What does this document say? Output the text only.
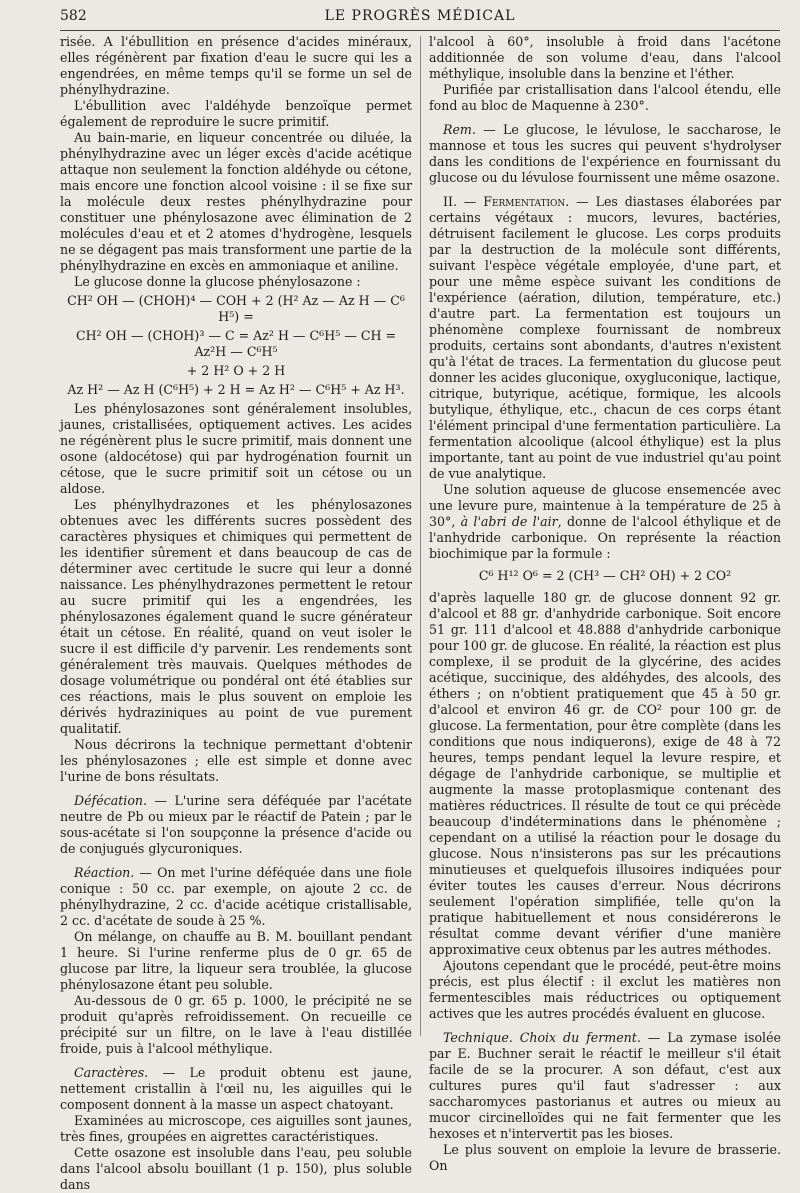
582	LE PROGRÈS MÉDICAL

risée. A l'ébullition en présence d'acides minéraux, elles régénèrent par fixation d'eau le sucre qui les a engendrées, en même temps qu'il se forme un sel de phénylhydrazine.

L'ébullition avec l'aldéhyde benzoïque permet également de reproduire le sucre primitif.

Au bain-marie, en liqueur concentrée ou diluée, la phénylhydrazine avec un léger excès d'acide acétique attaque non seulement la fonction aldéhyde ou cétone, mais encore une fonction alcool voisine : il se fixe sur la molécule deux restes phénylhydrazine pour constituer une phénylosazone avec élimination de 2 molécules d'eau et et 2 atomes d'hydrogène, lesquels ne se dégagent pas mais transforment une partie de la phénylhydrazine en excès en ammoniaque et aniline.

Le glucose donne la glucose phénylosazone :

CH² OH — (CHOH)⁴ — COH + 2 (H² Az — Az H — C⁶ H⁵) =
CH² OH — (CHOH)³ — C = Az² H — C⁶H⁵ — CH = Az²H — C⁶H⁵
+ 2 H² O + 2 H
Az H² — Az H (C⁶H⁵) + 2 H = Az H² — C⁶H⁵ + Az H³.

Les phénylosazones sont généralement insolubles, jaunes, cristallisées, optiquement actives. Les acides ne régénèrent plus le sucre primitif, mais donnent une osone (aldocétose) qui par hydrogénation fournit un cétose, que le sucre primitif soit un cétose ou un aldose.

Les phénylhydrazones et les phénylosazones obtenues avec les différents sucres possèdent des caractères physiques et chimiques qui permettent de les identifier sûrement et dans beaucoup de cas de déterminer avec certitude le sucre qui leur a donné naissance. Les phénylhydrazones permettent le retour au sucre primitif qui les a engendrées, les phénylosazones également quand le sucre générateur était un cétose. En réalité, quand on veut isoler le sucre il est difficile d'y parvenir. Les rendements sont généralement très mauvais. Quelques méthodes de dosage volumétrique ou pondéral ont été établies sur ces réactions, mais le plus souvent on emploie les dérivés hydraziniques au point de vue purement qualitatif.

Nous décrirons la technique permettant d'obtenir les phénylosazones ; elle est simple et donne avec l'urine de bons résultats.

Défécation. — L'urine sera déféquée par l'acétate neutre de Pb ou mieux par le réactif de Patein ; par le sous-acétate si l'on soupçonne la présence d'acide ou de conjugués glycuroniques.

Réaction. — On met l'urine déféquée dans une fiole conique : 50 cc. par exemple, on ajoute 2 cc. de phénylhydrazine, 2 cc. d'acide acétique cristallisable, 2 cc. d'acétate de soude à 25 %.

On mélange, on chauffe au B. M. bouillant pendant 1 heure. Si l'urine renferme plus de 0 gr. 65 de glucose par litre, la liqueur sera troublée, la glucose phénylosazone étant peu soluble.

Au-dessous de 0 gr. 65 p. 1000, le précipité ne se produit qu'après refroidissement. On recueille ce précipité sur un filtre, on le lave à l'eau distillée froide, puis à l'alcool méthylique.

Caractères. — Le produit obtenu est jaune, nettement cristallin à l'œil nu, les aiguilles qui le composent donnent à la masse un aspect chatoyant.

Examinées au microscope, ces aiguilles sont jaunes, très fines, groupées en aigrettes caractéristiques.

Cette osazone est insoluble dans l'eau, peu soluble dans l'alcool absolu bouillant (1 p. 150), plus soluble dans

l'alcool à 60°, insoluble à froid dans l'acétone additionnée de son volume d'eau, dans l'alcool méthylique, insoluble dans la benzine et l'éther.

Purifiée par cristallisation dans l'alcool étendu, elle fond au bloc de Maquenne à 230°.

Rem. — Le glucose, le lévulose, le saccharose, le mannose et tous les sucres qui peuvent s'hydrolyser dans les conditions de l'expérience en fournissant du glucose ou du lévulose fournissent une même osazone.

II. — Fermentation. — Les diastases élaborées par certains végétaux : mucors, levures, bactéries, détruisent facilement le glucose. Les corps produits par la destruction de la molécule sont différents, suivant l'espèce végétale employée, d'une part, et pour une même espèce suivant les conditions de l'expérience (aération, dilution, température, etc.) d'autre part. La fermentation est toujours un phénomène complexe fournissant de nombreux produits, certains sont abondants, d'autres n'existent qu'à l'état de traces. La fermentation du glucose peut donner les acides gluconique, oxygluconique, lactique, citrique, butyrique, acétique, formique, les alcools butylique, éthylique, etc., chacun de ces corps étant l'élément principal d'une fermentation particulière. La fermentation alcoolique (alcool éthylique) est la plus importante, tant au point de vue industriel qu'au point de vue analytique.

Une solution aqueuse de glucose ensemencée avec une levure pure, maintenue à la température de 25 à 30°, à l'abri de l'air, donne de l'alcool éthylique et de l'anhydride carbonique. On représente la réaction biochimique par la formule :

C⁶ H¹² O⁶ = 2 (CH³ — CH² OH) + 2 CO²

d'après laquelle 180 gr. de glucose donnent 92 gr. d'alcool et 88 gr. d'anhydride carbonique. Soit encore 51 gr. 111 d'alcool et 48.888 d'anhydride carbonique pour 100 gr. de glucose. En réalité, la réaction est plus complexe, il se produit de la glycérine, des acides acétique, succinique, des aldéhydes, des alcools, des éthers ; on n'obtient pratiquement que 45 à 50 gr. d'alcool et environ 46 gr. de CO² pour 100 gr. de glucose. La fermentation, pour être complète (dans les conditions que nous indiquerons), exige de 48 à 72 heures, temps pendant lequel la levure respire, et dégage de l'anhydride carbonique, se multiplie et augmente la masse protoplasmique contenant des matières réductrices. Il résulte de tout ce qui précède beaucoup d'indéterminations dans le phénomène ; cependant on a utilisé la réaction pour le dosage du glucose. Nous n'insisterons pas sur les précautions minutieuses et quelquefois illusoires indiquées pour éviter toutes les causes d'erreur. Nous décrirons seulement l'opération simplifiée, telle qu'on la pratique habituellement et nous considérerons le résultat comme devant vérifier d'une manière approximative ceux obtenus par les autres méthodes.

Ajoutons cependant que le procédé, peut-être moins précis, est plus électif : il exclut les matières non fermentescibles mais réductrices ou optiquement actives que les autres procédés évaluent en glucose.

Technique. Choix du ferment. — La zymase isolée par E. Buchner serait le réactif le meilleur s'il était facile de se la procurer. A son défaut, c'est aux cultures pures qu'il faut s'adresser : aux saccharomyces pastorianus et autres ou mieux au mucor circinelloïdes qui ne fait fermenter que les hexoses et n'intervertit pas les bioses.

Le plus souvent on emploie la levure de brasserie. On
